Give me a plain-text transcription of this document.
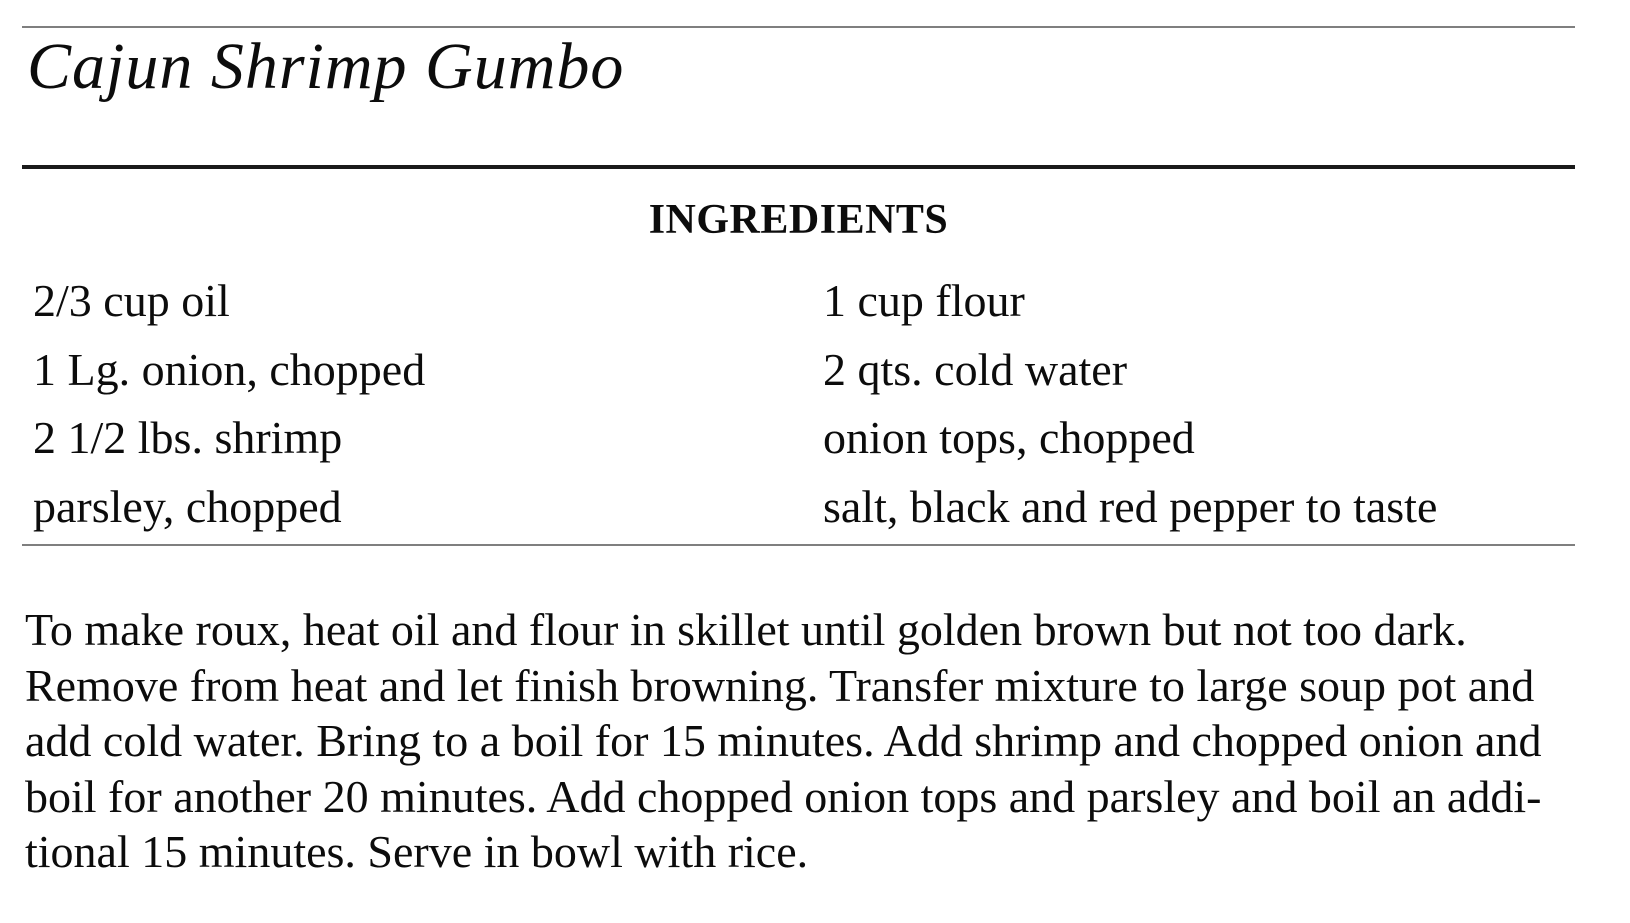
Cajun Shrimp Gumbo
INGREDIENTS
2/3 cup oil
1 Lg. onion, chopped
2 1/2 lbs. shrimp
parsley, chopped
1 cup flour
2 qts. cold water
onion tops, chopped
salt, black and red pepper to taste
To make roux, heat oil and flour in skillet until golden brown but not too dark.
Remove from heat and let finish browning. Transfer mixture to large soup pot and
add cold water. Bring to a boil for 15 minutes. Add shrimp and chopped onion and
boil for another 20 minutes. Add chopped onion tops and parsley and boil an addi-
tional 15 minutes. Serve in bowl with rice.
